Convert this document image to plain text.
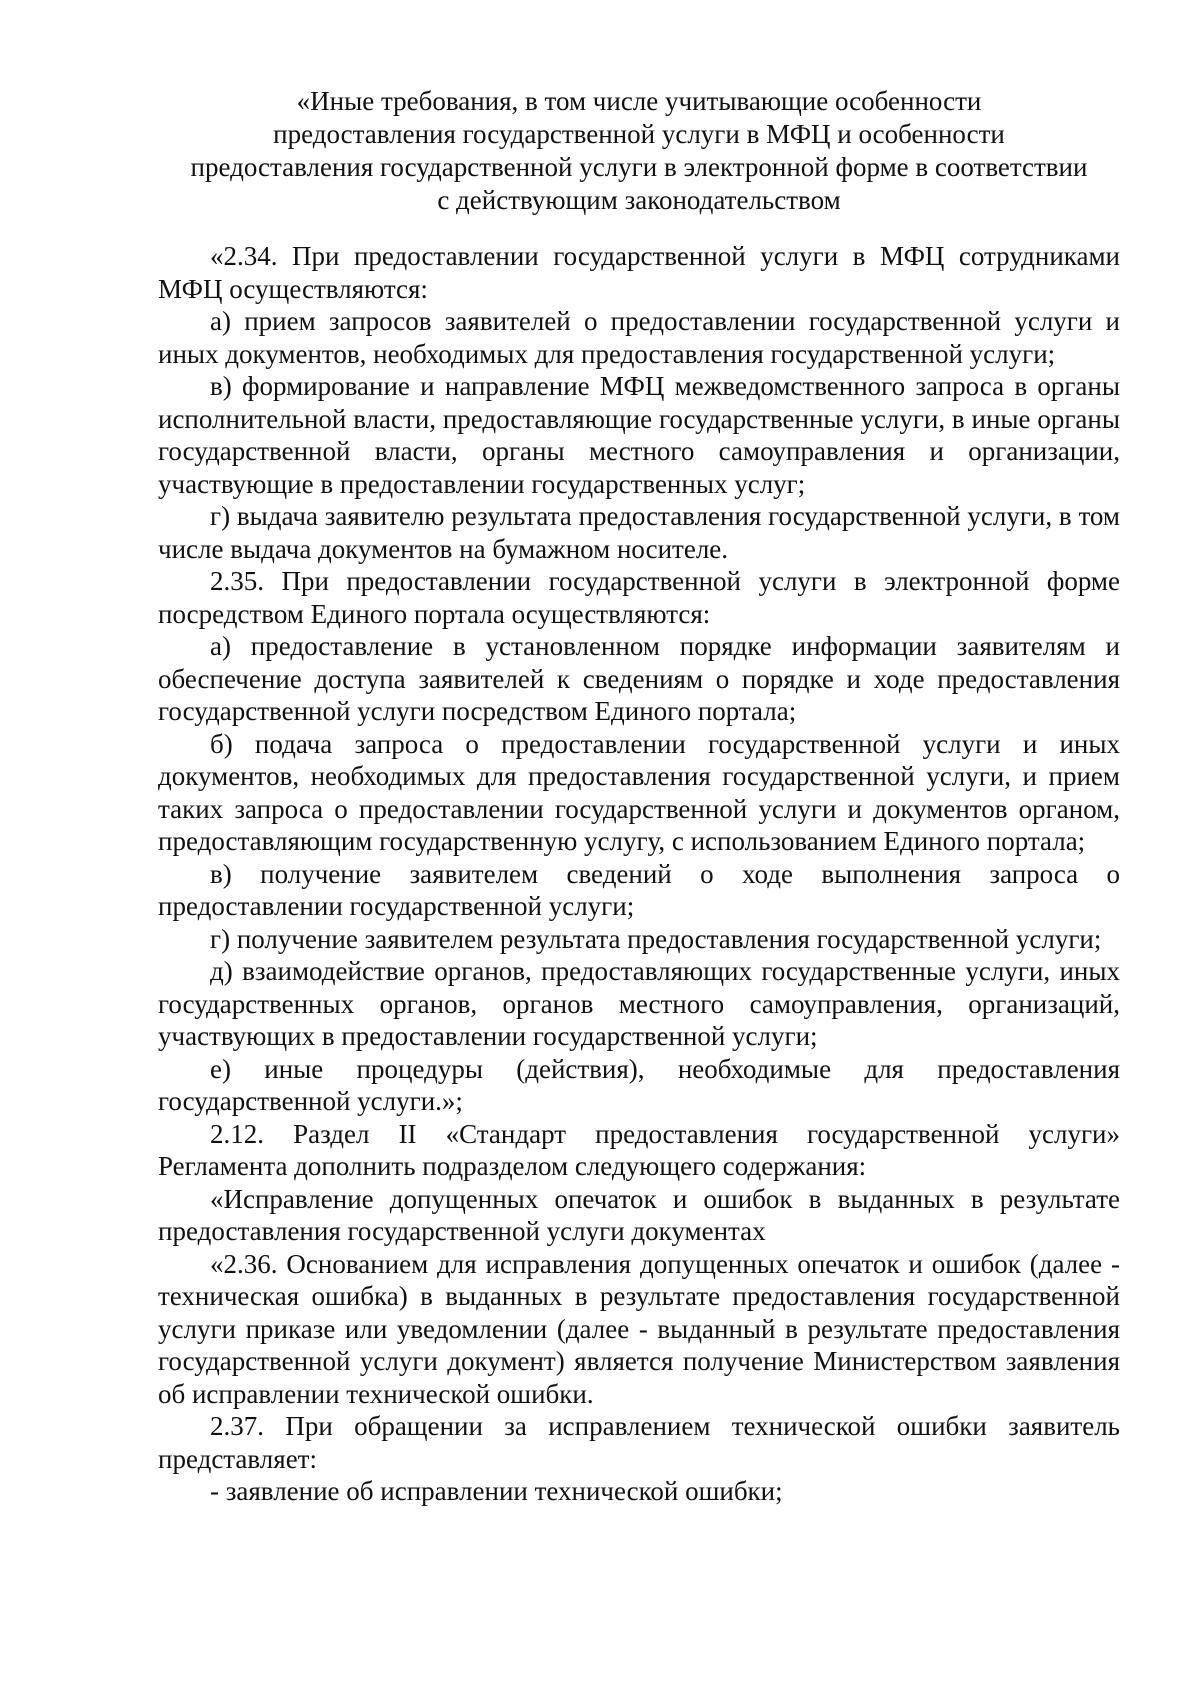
«Иные требования, в том числе учитывающие особенности
предоставления государственной услуги в МФЦ и особенности
предоставления государственной услуги в электронной форме в соответствии
с действующим законодательством

«2.34. При предоставлении государственной услуги в МФЦ сотрудниками МФЦ осуществляются:

а) прием запросов заявителей о предоставлении государственной услуги и иных документов, необходимых для предоставления государственной услуги;

в) формирование и направление МФЦ межведомственного запроса в органы исполнительной власти, предоставляющие государственные услуги, в иные органы государственной власти, органы местного самоуправления и организации, участвующие в предоставлении государственных услуг;

г) выдача заявителю результата предоставления государственной услуги, в том числе выдача документов на бумажном носителе.

2.35. При предоставлении государственной услуги в электронной форме посредством Единого портала осуществляются:

а) предоставление в установленном порядке информации заявителям и обеспечение доступа заявителей к сведениям о порядке и ходе предоставления государственной услуги посредством Единого портала;

б) подача запроса о предоставлении государственной услуги и иных документов, необходимых для предоставления государственной услуги, и прием таких запроса о предоставлении государственной услуги и документов органом, предоставляющим государственную услугу, с использованием Единого портала;

в) получение заявителем сведений о ходе выполнения запроса о предоставлении государственной услуги;

г) получение заявителем результата предоставления государственной услуги;

д) взаимодействие органов, предоставляющих государственные услуги, иных государственных органов, органов местного самоуправления, организаций, участвующих в предоставлении государственной услуги;

е) иные процедуры (действия), необходимые для предоставления государственной услуги.»;

2.12. Раздел II «Стандарт предоставления государственной услуги» Регламента дополнить подразделом следующего содержания:

«Исправление допущенных опечаток и ошибок в выданных в результате предоставления государственной услуги документах

«2.36. Основанием для исправления допущенных опечаток и ошибок (далее - техническая ошибка) в выданных в результате предоставления государственной услуги приказе или уведомлении (далее - выданный в результате предоставления государственной услуги документ) является получение Министерством заявления об исправлении технической ошибки.

2.37. При обращении за исправлением технической ошибки заявитель представляет:

- заявление об исправлении технической ошибки;
